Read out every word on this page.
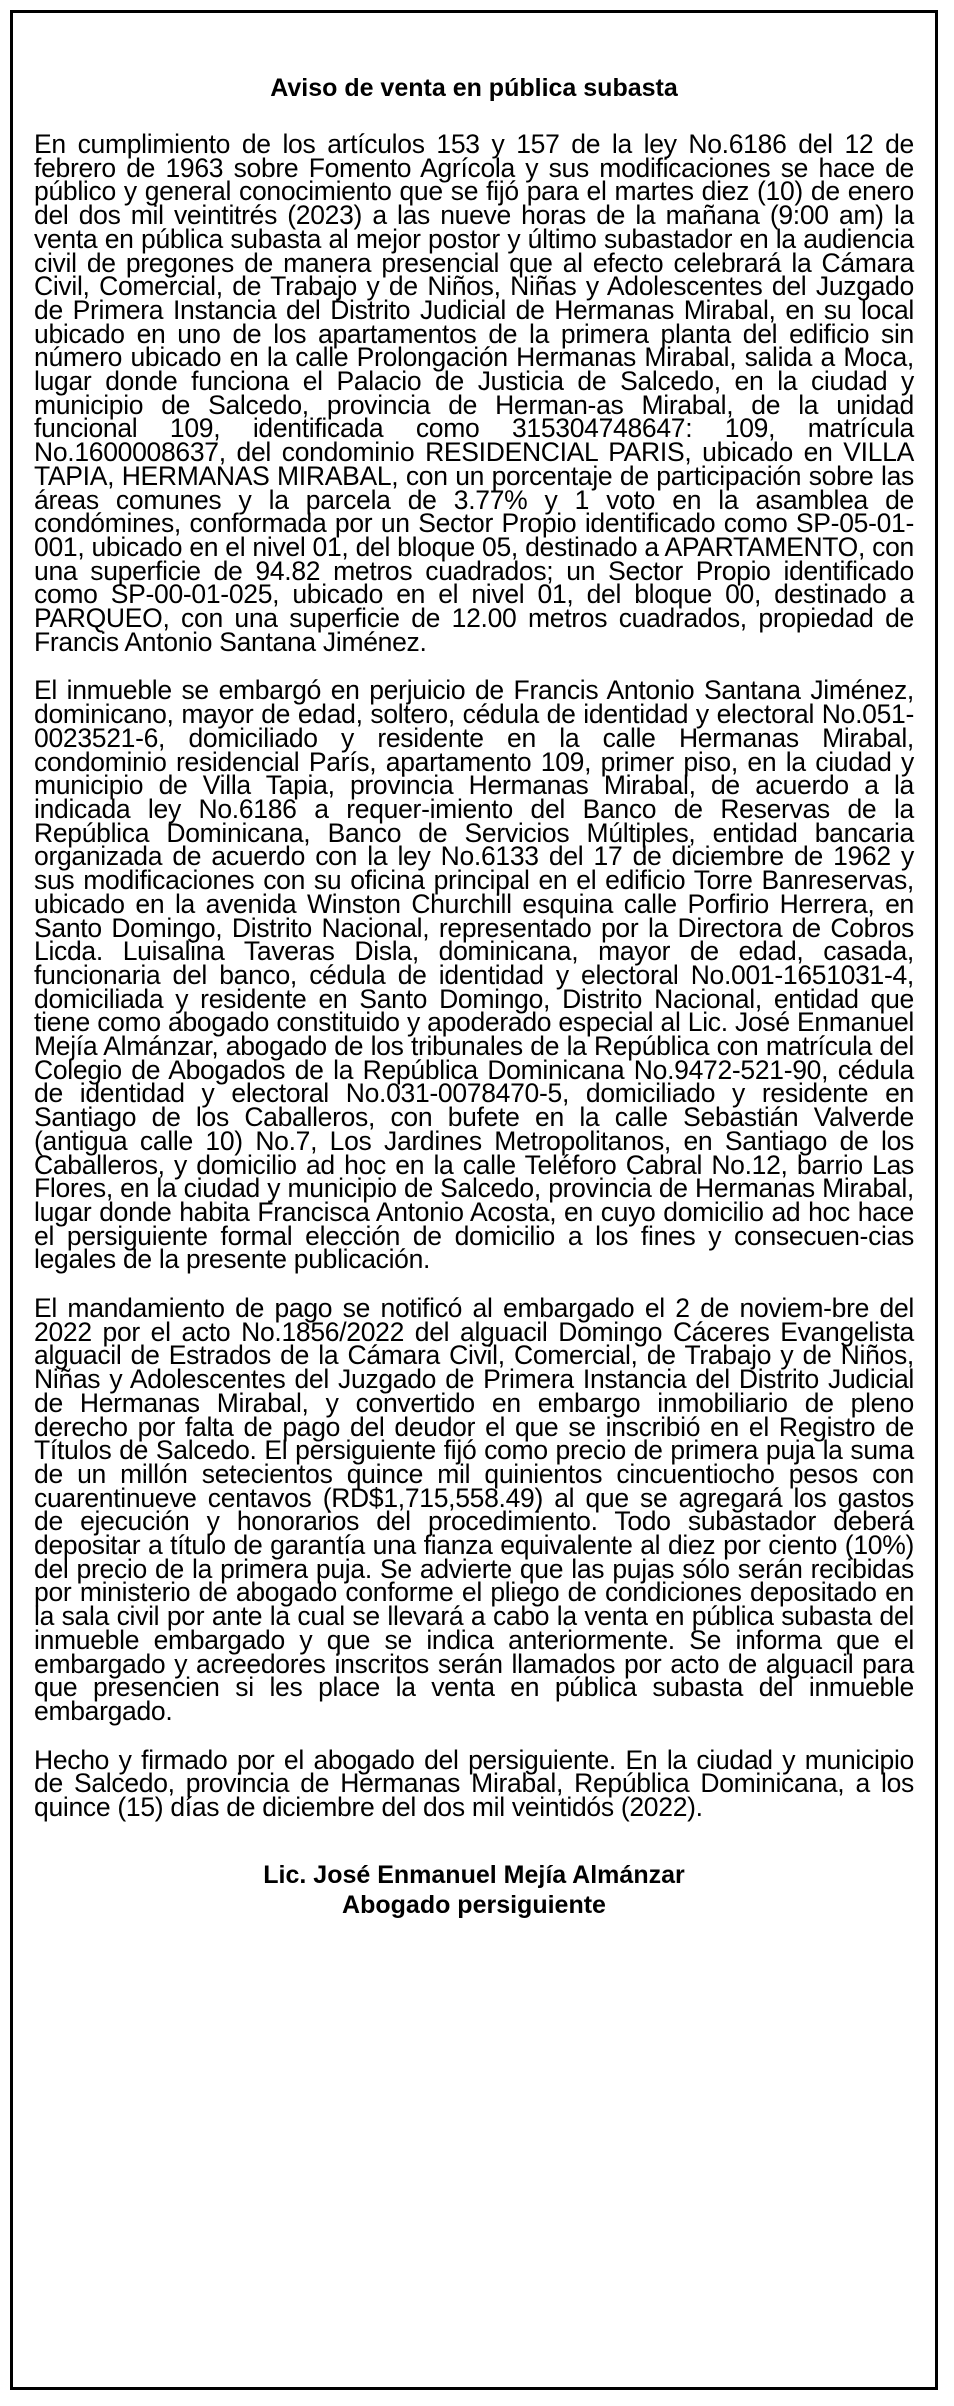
Aviso de venta en pública subasta

En cumplimiento de los artículos 153 y 157 de la ley No.6186 del 12 de febrero de 1963 sobre Fomento Agrícola y sus modificaciones se hace de público y general conocimiento que se fijó para el martes diez (10) de enero del dos mil veintitrés (2023) a las nueve horas de la mañana (9:00 am) la venta en pública subasta al mejor postor y último subastador en la audiencia civil de pregones de manera presencial que al efecto celebrará la Cámara Civil, Comercial, de Trabajo y de Niños, Niñas y Adolescentes del Juzgado de Primera Instancia del Distrito Judicial de Hermanas Mirabal, en su local ubicado en uno de los apartamentos de la primera planta del edificio sin número ubicado en la calle Prolongación Hermanas Mirabal, salida a Moca, lugar donde funciona el Palacio de Justicia de Salcedo, en la ciudad y municipio de Salcedo, provincia de Herman-as Mirabal, de la unidad funcional 109, identificada como 315304748647: 109, matrícula No.1600008637, del condominio RESIDENCIAL PARIS, ubicado en VILLA TAPIA, HERMANAS MIRABAL, con un porcentaje de participación sobre las áreas comunes y la parcela de 3.77% y 1 voto en la asamblea de condómines, conformada por un Sector Propio identificado como SP-05-01-001, ubicado en el nivel 01, del bloque 05, destinado a APARTAMENTO, con una superficie de 94.82 metros cuadrados; un Sector Propio identificado como SP-00-01-025, ubicado en el nivel 01, del bloque 00, destinado a PARQUEO, con una superficie de 12.00 metros cuadrados, propiedad de Francis Antonio Santana Jiménez.

El inmueble se embargó en perjuicio de Francis Antonio Santana Jiménez, dominicano, mayor de edad, soltero, cédula de identidad y electoral No.051-0023521-6, domiciliado y residente en la calle Hermanas Mirabal, condominio residencial París, apartamento 109, primer piso, en la ciudad y municipio de Villa Tapia, provincia Hermanas Mirabal, de acuerdo a la indicada ley No.6186 a requer-imiento del Banco de Reservas de la República Dominicana, Banco de Servicios Múltiples, entidad bancaria organizada de acuerdo con la ley No.6133 del 17 de diciembre de 1962 y sus modificaciones con su oficina principal en el edificio Torre Banreservas, ubicado en la avenida Winston Churchill esquina calle Porfirio Herrera, en Santo Domingo, Distrito Nacional, representado por la Directora de Cobros Licda. Luisalina Taveras Disla, dominicana, mayor de edad, casada, funcionaria del banco, cédula de identidad y electoral No.001-1651031-4, domiciliada y residente en Santo Domingo, Distrito Nacional, entidad que tiene como abogado constituido y apoderado especial al Lic. José Enmanuel Mejía Almánzar, abogado de los tribunales de la República con matrícula del Colegio de Abogados de la República Dominicana No.9472-521-90, cédula de identidad y electoral No.031-0078470-5, domiciliado y residente en Santiago de los Caballeros, con bufete en la calle Sebastián Valverde (antigua calle 10) No.7, Los Jardines Metropolitanos, en Santiago de los Caballeros, y domicilio ad hoc en la calle Teléforo Cabral No.12, barrio Las Flores, en la ciudad y municipio de Salcedo, provincia de Hermanas Mirabal, lugar donde habita Francisca Antonio Acosta, en cuyo domicilio ad hoc hace el persiguiente formal elección de domicilio a los fines y consecuen-cias legales de la presente publicación.

El mandamiento de pago se notificó al embargado el 2 de noviem-bre del 2022 por el acto No.1856/2022 del alguacil Domingo Cáceres Evangelista alguacil de Estrados de la Cámara Civil, Comercial, de Trabajo y de Niños, Niñas y Adolescentes del Juzgado de Primera Instancia del Distrito Judicial de Hermanas Mirabal, y convertido en embargo inmobiliario de pleno derecho por falta de pago del deudor el que se inscribió en el Registro de Títulos de Salcedo. El persiguiente fijó como precio de primera puja la suma de un millón setecientos quince mil quinientos cincuentiocho pesos con cuarentinueve centavos (RD$1,715,558.49) al que se agregará los gastos de ejecución y honorarios del procedimiento. Todo subastador deberá depositar a título de garantía una fianza equivalente al diez por ciento (10%) del precio de la primera puja. Se advierte que las pujas sólo serán recibidas por ministerio de abogado conforme el pliego de condiciones depositado en la sala civil por ante la cual se llevará a cabo la venta en pública subasta del inmueble embargado y que se indica anteriormente. Se informa que el embargado y acreedores inscritos serán llamados por acto de alguacil para que presencien si les place la venta en pública subasta del inmueble embargado.

Hecho y firmado por el abogado del persiguiente. En la ciudad y municipio de Salcedo, provincia de Hermanas Mirabal, República Dominicana, a los quince (15) días de diciembre del dos mil veintidós (2022).

Lic. José Enmanuel Mejía Almánzar
Abogado persiguiente
